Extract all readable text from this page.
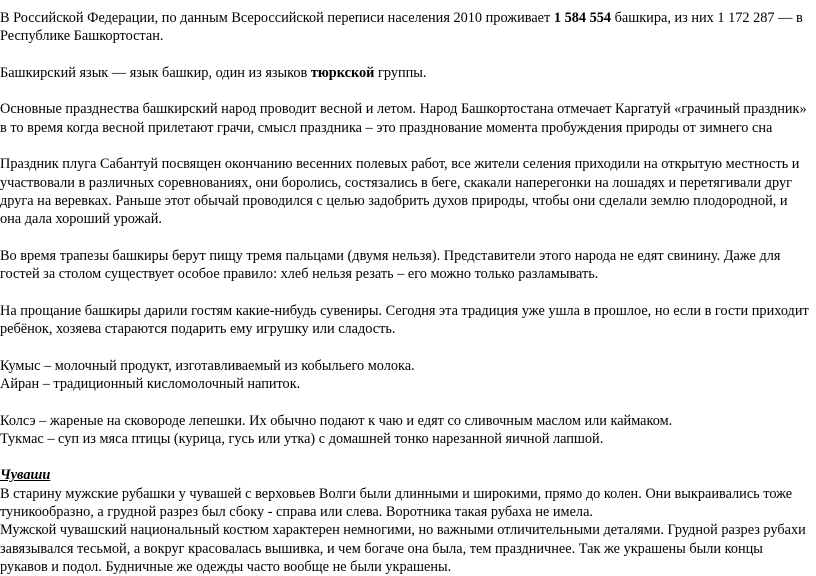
В Российской Федерации, по данным Всероссийской переписи населения 2010 проживает 1 584 554 башкира, из них 1 172 287 — в Республике Башкортостан.

Башкирский язык — язык башкир, один из языков тюркской группы.

Основные празднества башкирский народ проводит весной и летом. Народ Башкортостана отмечает Каргатуй «грачиный праздник» в то время когда весной прилетают грачи, смысл праздника – это празднование момента пробуждения природы от зимнего сна

Праздник плуга Сабантуй посвящен окончанию весенних полевых работ, все жители селения приходили на открытую местность и участвовали в различных соревнованиях, они боролись, состязались в беге, скакали наперегонки на лошадях и перетягивали друг друга на веревках. Раньше этот обычай проводился с целью задобрить духов природы, чтобы они сделали землю плодородной, и она дала хороший урожай.

Во время трапезы башкиры берут пищу тремя пальцами (двумя нельзя). Представители этого народа не едят свинину. Даже для гостей за столом существует особое правило: хлеб нельзя резать – его можно только разламывать.

На прощание башкиры дарили гостям какие-нибудь сувениры. Сегодня эта традиция уже ушла в прошлое, но если в гости приходит ребёнок, хозяева стараются подарить ему игрушку или сладость.

Кумыс – молочный продукт, изготавливаемый из кобыльего молока.
Айран – традиционный кисломолочный напиток.

Колсэ – жареные на сковороде лепешки. Их обычно подают к чаю и едят со сливочным маслом или каймаком.
Тукмас – суп из мяса птицы (курица, гусь или утка) с домашней тонко нарезанной яичной лапшой.

Чуваши
В старину мужские рубашки у чувашей с верховьев Волги были длинными и широкими, прямо до колен. Они выкраивались тоже туникообразно, а грудной разрез был сбоку - справа или слева. Воротника такая рубаха не имела.
Мужской чувашский национальный костюм характерен немногими, но важными отличительными деталями. Грудной разрез рубахи завязывался тесьмой, а вокруг красовалась вышивка, и чем богаче она была, тем праздничнее. Так же украшены были концы рукавов и подол. Будничные же одежды часто вообще не были украшены.
